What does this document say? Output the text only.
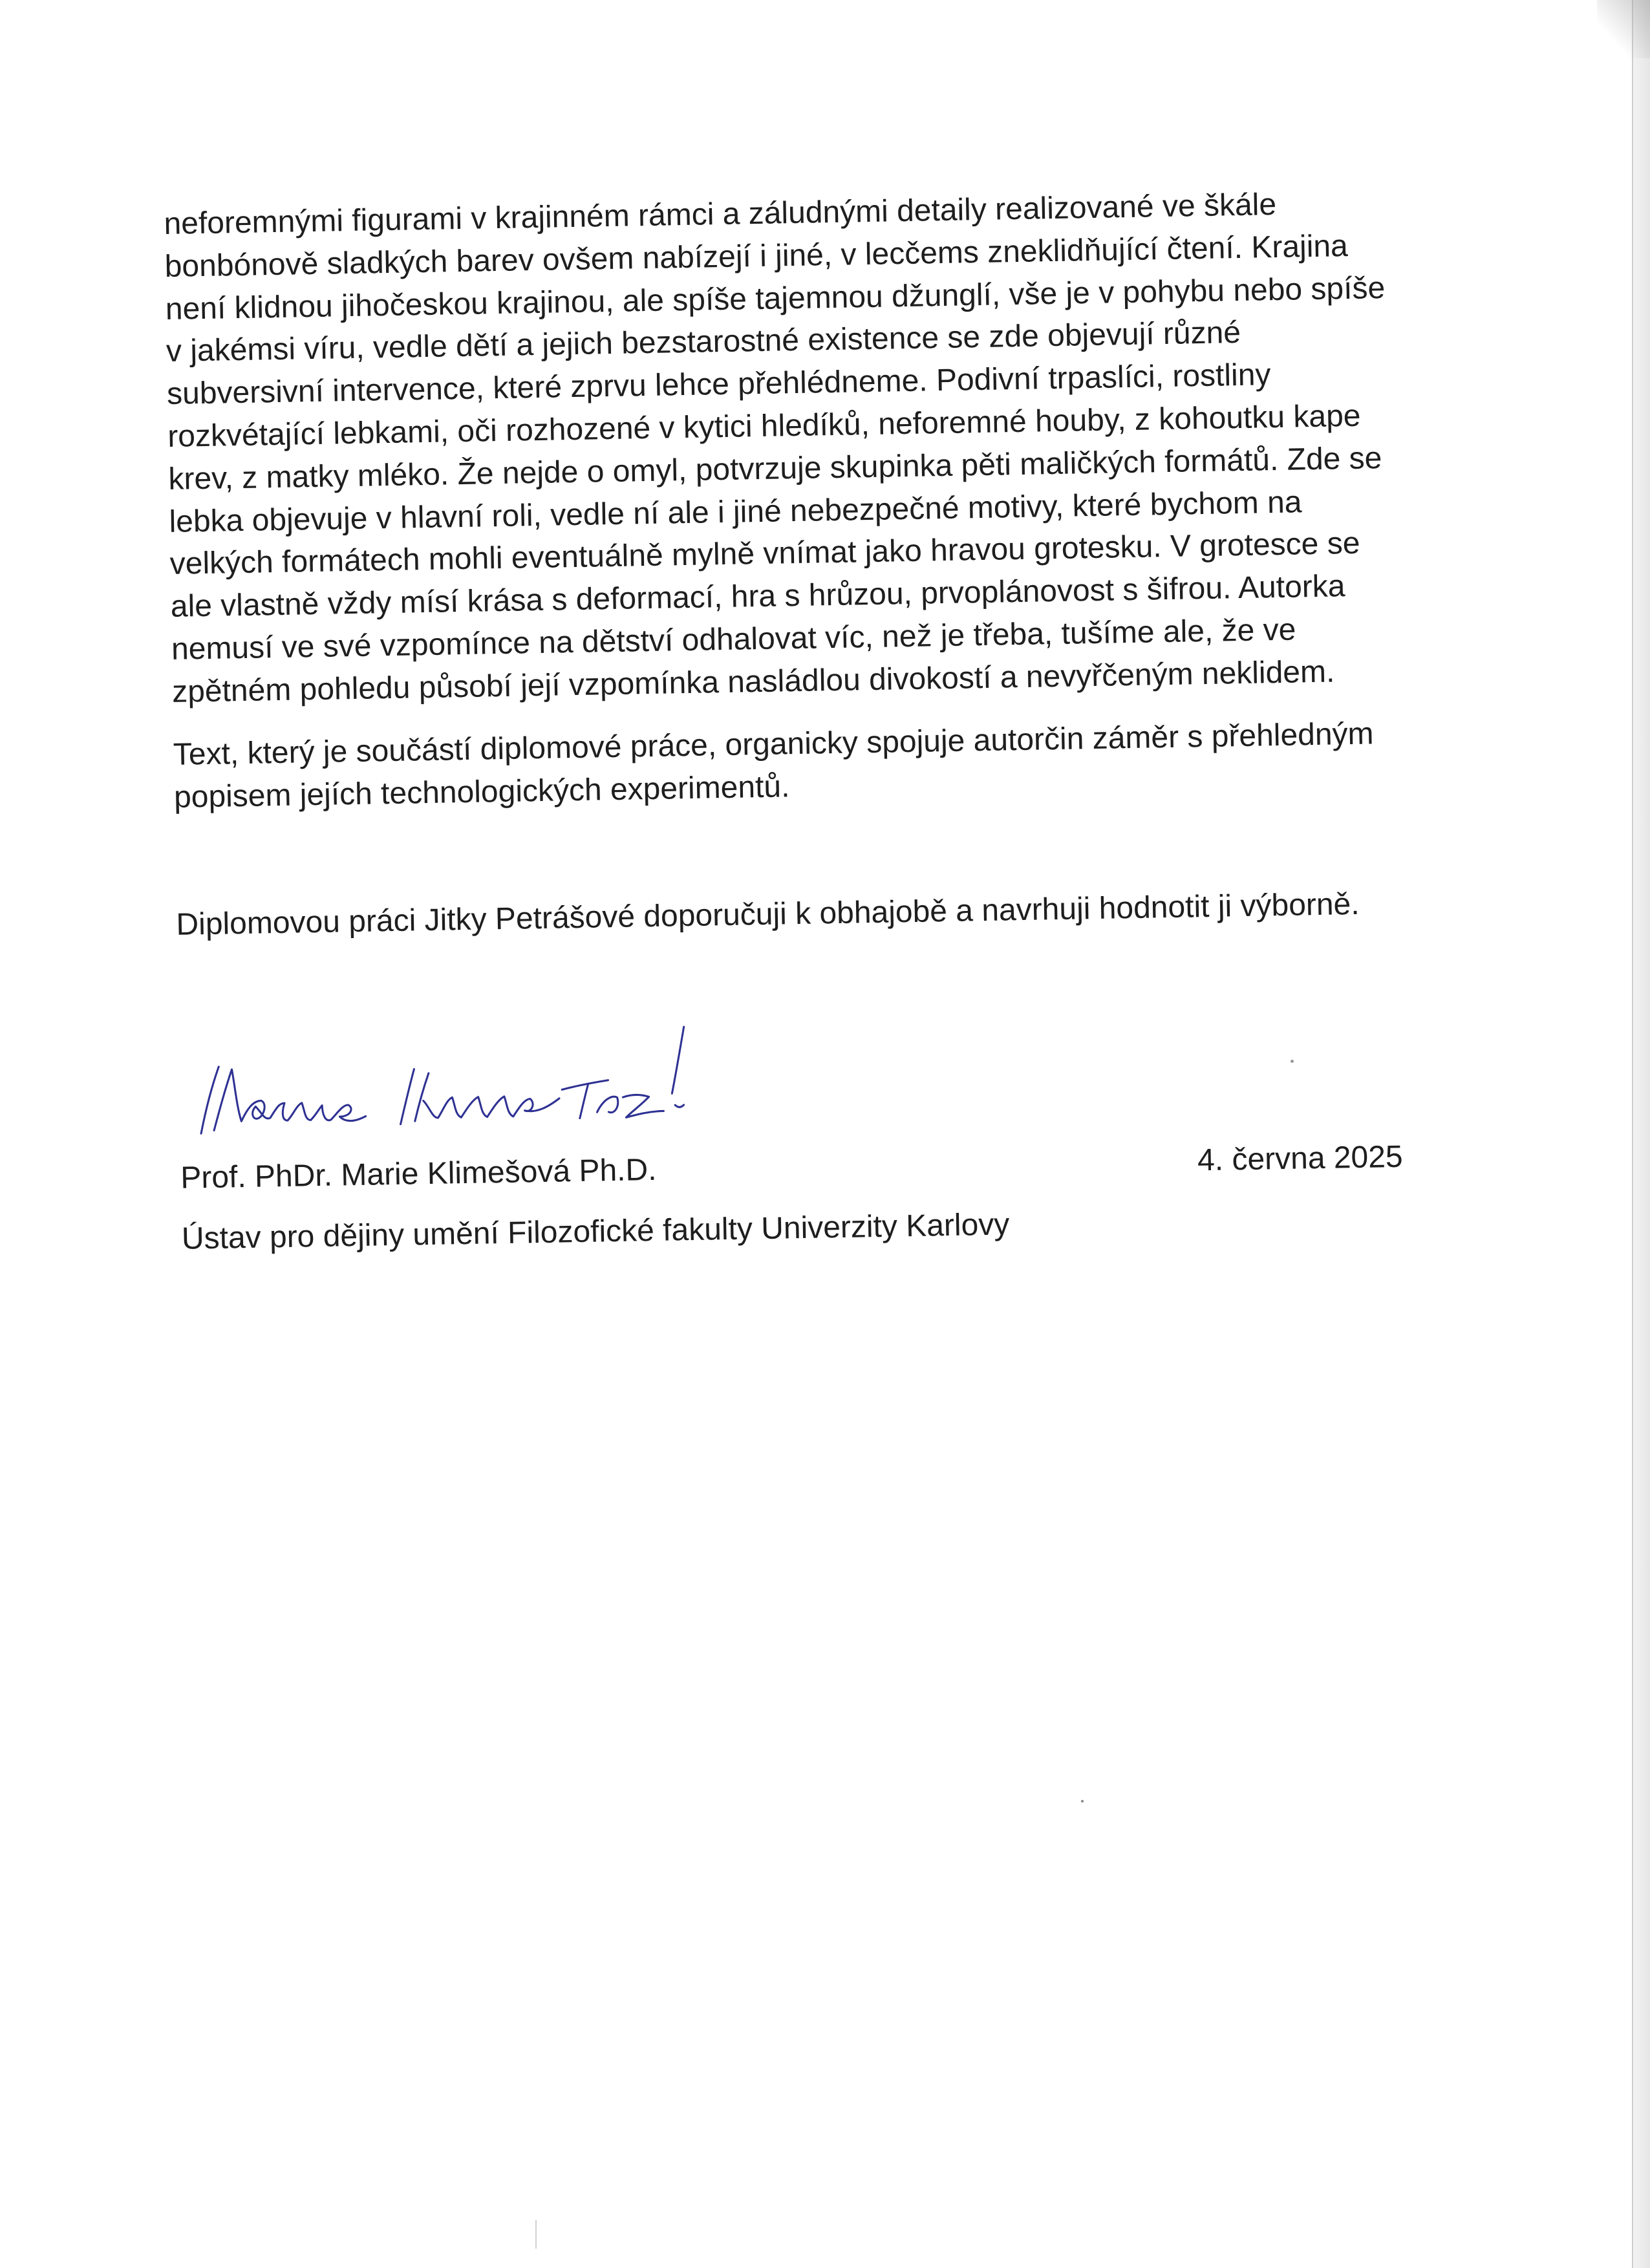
neforemnými figurami v krajinném rámci a záludnými detaily realizované ve škále
bonbónově sladkých barev ovšem nabízejí i jiné, v lecčems zneklidňující čtení. Krajina
není klidnou jihočeskou krajinou, ale spíše tajemnou džunglí, vše je v pohybu nebo spíše
v jakémsi víru, vedle dětí a jejich bezstarostné existence se zde objevují různé
subversivní intervence, které zprvu lehce přehlédneme. Podivní trpaslíci, rostliny
rozkvétající lebkami, oči rozhozené v kytici hledíků, neforemné houby, z kohoutku kape
krev, z matky mléko. Že nejde o omyl, potvrzuje skupinka pěti maličkých formátů. Zde se
lebka objevuje v hlavní roli, vedle ní ale i jiné nebezpečné motivy, které bychom na
velkých formátech mohli eventuálně mylně vnímat jako hravou grotesku. V grotesce se
ale vlastně vždy mísí krása s deformací, hra s hrůzou, prvoplánovost s šifrou. Autorka
nemusí ve své vzpomínce na dětství odhalovat víc, než je třeba, tušíme ale, že ve
zpětném pohledu působí její vzpomínka nasládlou divokostí a nevyřčeným neklidem.
Text, který je součástí diplomové práce, organicky spojuje autorčin záměr s přehledným
popisem jejích technologických experimentů.
Diplomovou práci Jitky Petrášové doporučuji k obhajobě a navrhuji hodnotit ji výborně.
Prof. PhDr. Marie Klimešová Ph.D.	4. června 2025
Ústav pro dějiny umění Filozofické fakulty Univerzity Karlovy
